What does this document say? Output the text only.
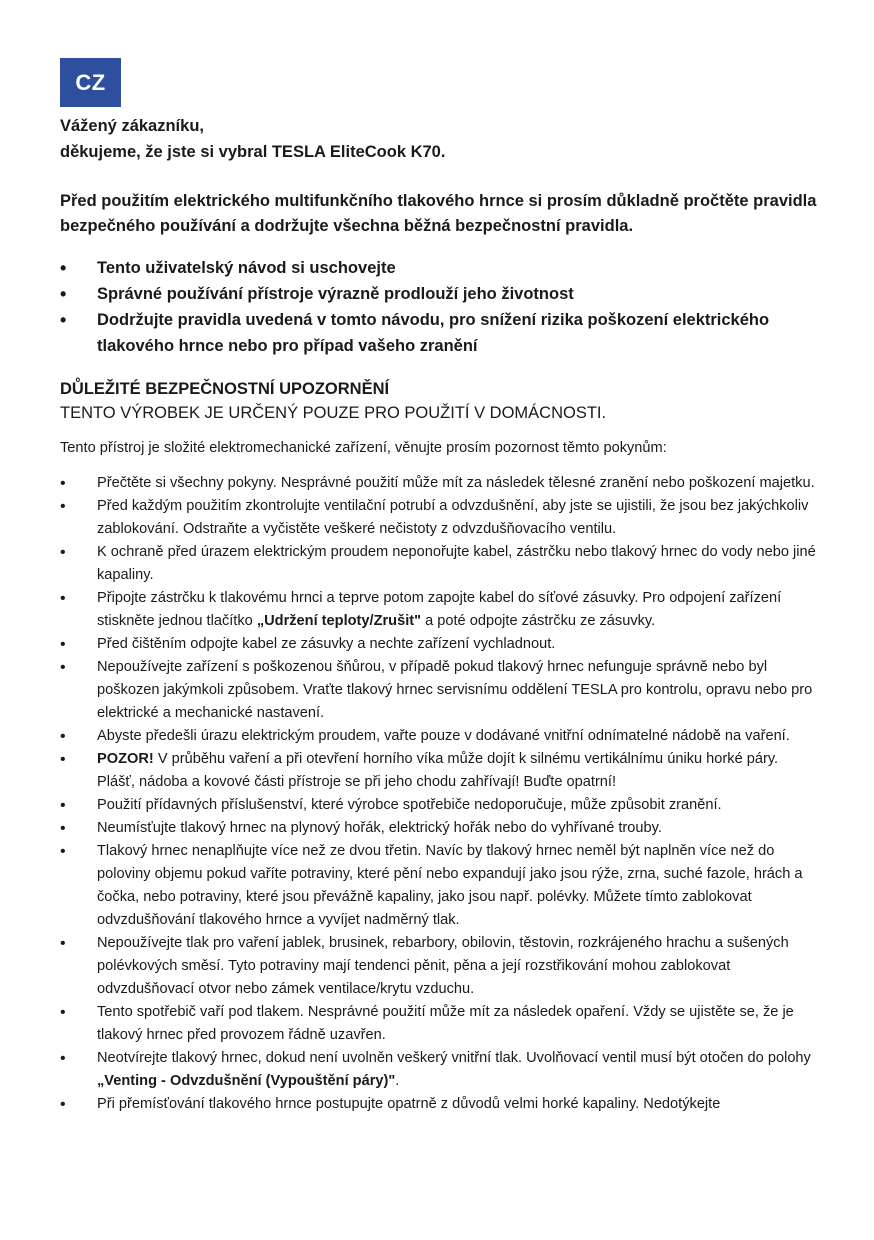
CZ
Vážený zákazníku,
děkujeme, že jste si vybral TESLA EliteCook K70.
Před použitím elektrického multifunkčního tlakového hrnce si prosím důkladně pročtěte pravidla bezpečného používání a dodržujte všechna běžná bezpečnostní pravidla.
• Tento uživatelský návod si uschovejte
• Správné používání přístroje výrazně prodlouží jeho životnost
• Dodržujte pravidla uvedená v tomto návodu, pro snížení rizika poškození elektrického tlakového hrnce nebo pro případ vašeho zranění
DŮLEŽITÉ BEZPEČNOSTNÍ UPOZORNĚNÍ
TENTO VÝROBEK JE URČENÝ POUZE PRO POUŽITÍ V DOMÁCNOSTI.
Tento přístroj je složité elektromechanické zařízení, věnujte prosím pozornost těmto pokynům:
• Přečtěte si všechny pokyny. Nesprávné použití může mít za následek tělesné zranění nebo poškození majetku.
• Před každým použitím zkontrolujte ventilační potrubí a odvzdušnění, aby jste se ujistili, že jsou bez jakýchkoliv zablokování. Odstraňte a vyčistěte veškeré nečistoty z odvzdušňovacího ventilu.
• K ochraně před úrazem elektrickým proudem neponořujte kabel, zástrčku nebo tlakový hrnec do vody nebo jiné kapaliny.
• Připojte zástrčku k tlakovému hrnci a teprve potom zapojte kabel do síťové zásuvky. Pro odpojení zařízení stiskněte jednou tlačítko „Udržení teploty/Zrušit" a poté odpojte zástrčku ze zásuvky.
• Před čištěním odpojte kabel ze zásuvky a nechte zařízení vychladnout.
• Nepoužívejte zařízení s poškozenou šňůrou, v případě pokud tlakový hrnec nefunguje správně nebo byl poškozen jakýmkoli způsobem. Vraťte tlakový hrnec servisnímu oddělení TESLA pro kontrolu, opravu nebo pro elektrické a mechanické nastavení.
• Abyste předešli úrazu elektrickým proudem, vařte pouze v dodávané vnitřní odnímatelné nádobě na vaření.
• POZOR! V průběhu vaření a při otevření horního víka může dojít k silnému vertikálnímu úniku horké páry. Plášť, nádoba a kovové části přístroje se při jeho chodu zahřívají! Buďte opatrní!
• Použití přídavných příslušenství, které výrobce spotřebiče nedoporučuje, může způsobit zranění.
• Neumísťujte tlakový hrnec na plynový hořák, elektrický hořák nebo do vyhřívané trouby.
• Tlakový hrnec nenaplňujte více než ze dvou třetin. Navíc by tlakový hrnec neměl být naplněn více než do poloviny objemu pokud vaříte potraviny, které pění nebo expandují jako jsou rýže, zrna, suché fazole, hrách a čočka, nebo potraviny, které jsou převážně kapaliny, jako jsou např. polévky. Můžete tímto zablokovat odvzdušňování tlakového hrnce a vyvíjet nadměrný tlak.
• Nepoužívejte tlak pro vaření jablek, brusinek, rebarbory, obilovin, těstovin, rozkrájeného hrachu a sušených polévkových směsí. Tyto potraviny mají tendenci pěnit, pěna a její rozstřikování mohou zablokovat odvzdušňovací otvor nebo zámek ventilace/krytu vzduchu.
• Tento spotřebič vaří pod tlakem. Nesprávné použití může mít za následek opaření. Vždy se ujistěte se, že je tlakový hrnec před provozem řádně uzavřen.
• Neotvírejte tlakový hrnec, dokud není uvolněn veškerý vnitřní tlak. Uvolňovací ventil musí být otočen do polohy „Venting - Odvzdušnění (Vypouštění páry)".
• Při přemísťování tlakového hrnce postupujte opatrně z důvodů velmi horké kapaliny. Nedotýkejte
